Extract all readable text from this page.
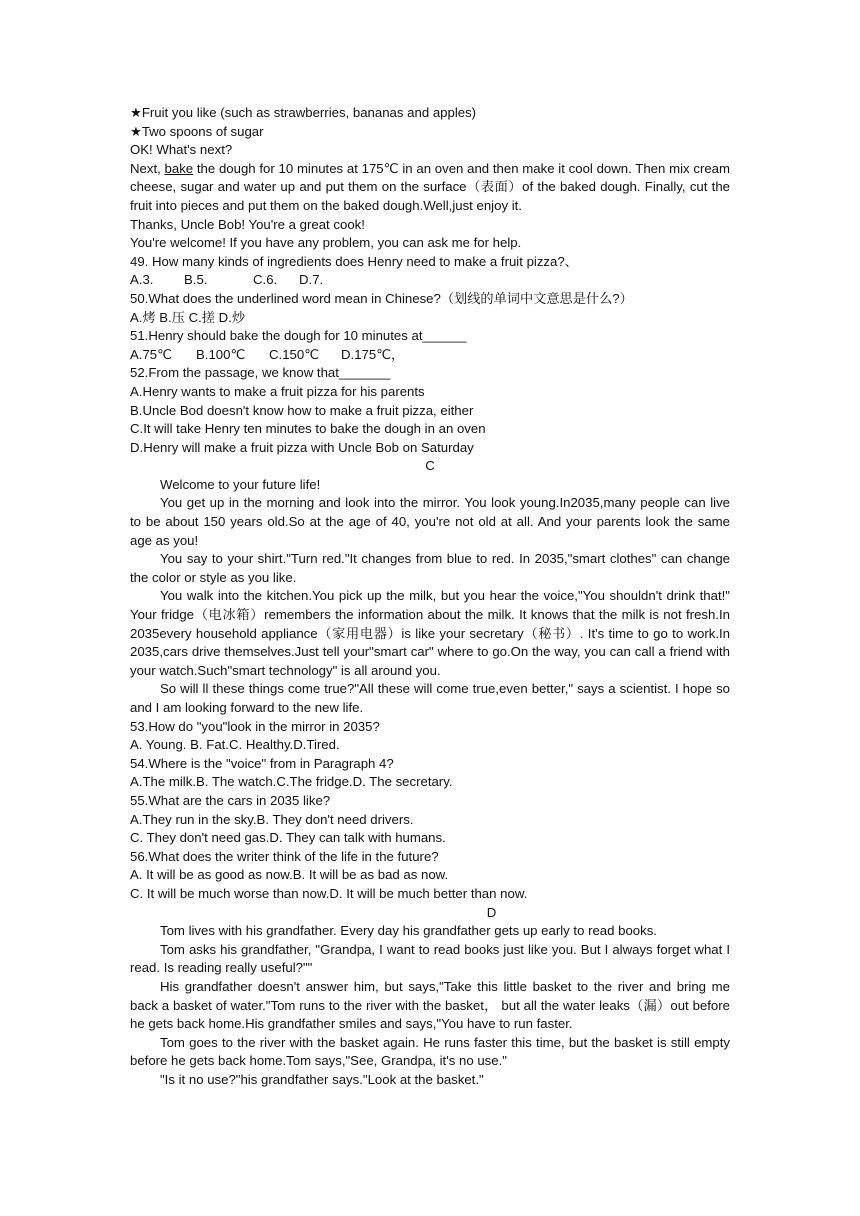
★Fruit you like (such as strawberries, bananas and apples)
★Two spoons of sugar
OK! What's next?
Next, bake the dough for 10 minutes at 175℃ in an oven and then make it cool down. Then mix cream cheese, sugar and water up and put them on the surface（表面）of the baked dough. Finally, cut the fruit into pieces and put them on the baked dough.Well,just enjoy it.
Thanks, Uncle Bob! You're a great cook!
You're welcome! If you have any problem, you can ask me for help.
49. How many kinds of ingredients does Henry need to make a fruit pizza?、
A.3. B.5.	C.6. D.7.
50.What does the underlined word mean in Chinese?（划线的单词中文意思是什么?）
A.烤 B.压 C.搓 D.炒
51.Henry should bake the dough for 10 minutes at______
A.75℃ B.100℃ C.150℃ D.175℃，
52.From the passage, we know that_______
A.Henry wants to make a fruit pizza for his parents
B.Uncle Bod doesn't know how to make a fruit pizza, either
C.It will take Henry ten minutes to bake the dough in an oven
D.Henry will make a fruit pizza with Uncle Bob on Saturday
C
Welcome to your future life!
You get up in the morning and look into the mirror. You look young.In2035,many people can live to be about 150 years old.So at the age of 40, you're not old at all. And your parents look the same age as you!
You say to your shirt."Turn red."It changes from blue to red. In 2035,"smart clothes" can change the color or style as you like.
You walk into the kitchen.You pick up the milk, but you hear the voice,"You shouldn't drink that!" Your fridge（电冰箱）remembers the information about the milk. It knows that the milk is not fresh.In 2035every household appliance（家用电器）is like your secretary（秘书）. It's time to go to work.In 2035,cars drive themselves.Just tell your"smart car" where to go.On the way, you can call a friend with your watch.Such"smart technology" is all around you.
So will ll these things come true?"All these will come true,even better," says a scientist. I hope so and I am looking forward to the new life.
53.How do "you"look in the mirror in 2035?
A. Young. B. Fat.C. Healthy.D.Tired.
54.Where is the "voice" from in Paragraph 4?
A.The milk.B. The watch.C.The fridge.D. The secretary.
55.What are the cars in 2035 like?
A.They run in the sky.B. They don't need drivers.
C. They don't need gas.D. They can talk with humans.
56.What does the writer think of the life in the future?
A. It will be as good as now.B. It will be as bad as now.
C. It will be much worse than now.D. It will be much better than now.
D
Tom lives with his grandfather. Every day his grandfather gets up early to read books.
Tom asks his grandfather, "Grandpa, I want to read books just like you. But I always forget what I read. Is reading really useful?""
His grandfather doesn't answer him, but says,"Take this little basket to the river and bring me back a basket of water."Tom runs to the river with the basket， but all the water leaks（漏）out before he gets back home.His grandfather smiles and says,"You have to run faster.
Tom goes to the river with the basket again. He runs faster this time, but the basket is still empty before he gets back home.Tom says,"See, Grandpa, it's no use."
"Is it no use?"his grandfather says."Look at the basket."
